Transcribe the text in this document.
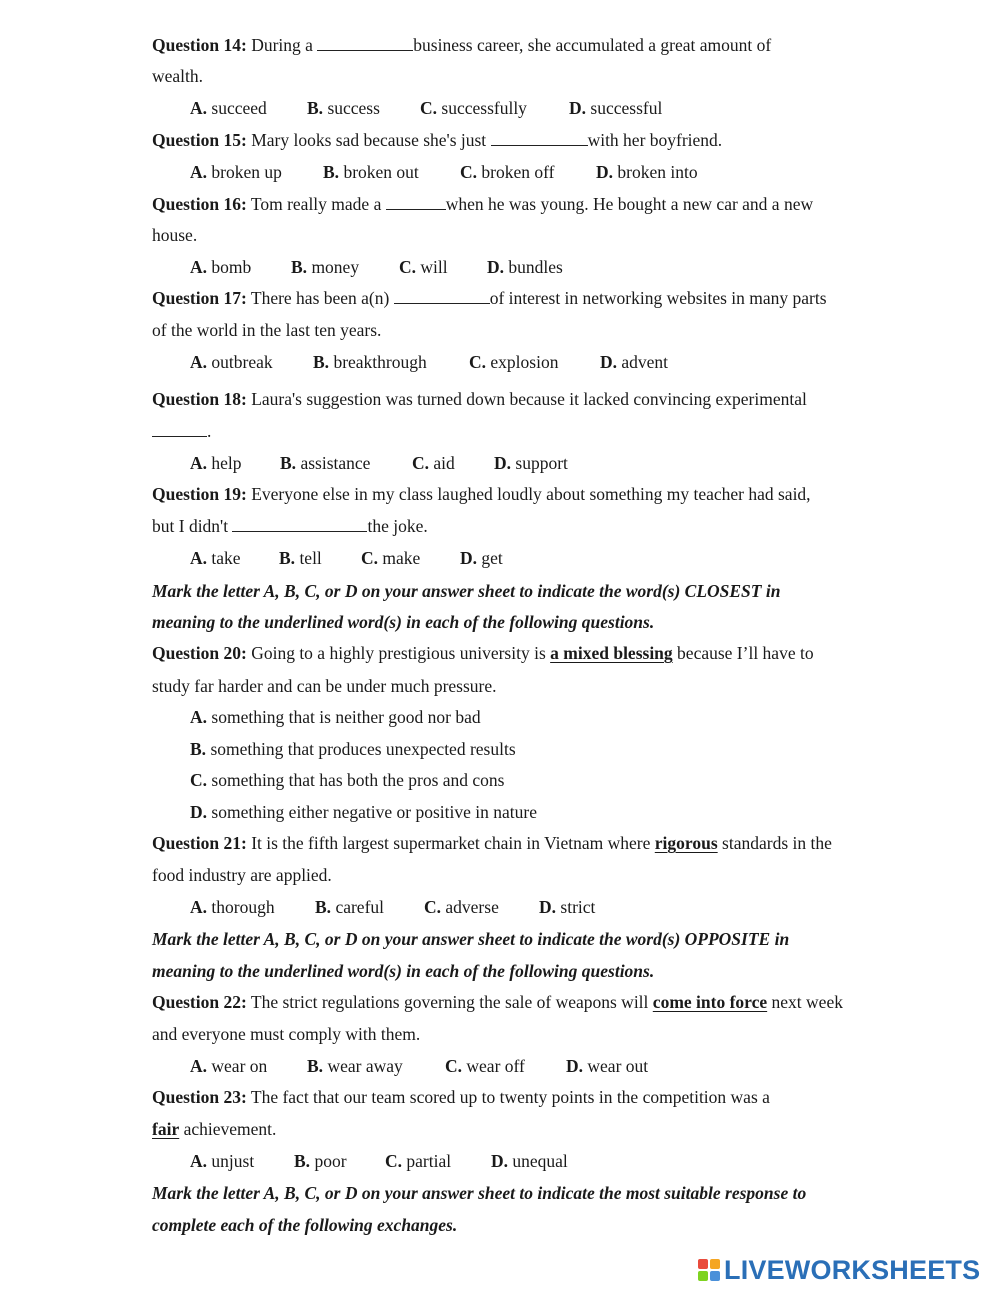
Question 14: During a	business career, she accumulated a great amount of
wealth.
A. succeed B. success C. successfully D. successful
Question 15: Mary looks sad because she's just	with her boyfriend.
A. broken up B. broken out C. broken off D. broken into
Question 16: Tom really made a	when he was young. He bought a new car and a new
house.
A. bomb B. money C. will D. bundles
Question 17: There has been a(n)	of interest in networking websites in many parts
of the world in the last ten years.
A. outbreak B. breakthrough C. explosion D. advent
Question 18: Laura's suggestion was turned down because it lacked convincing experimental
.
A. help B. assistance C. aid D. support
Question 19: Everyone else in my class laughed loudly about something my teacher had said,
but I didn't	the joke.
A. take B. tell C. make D. get
Mark the letter A, B, C, or D on your answer sheet to indicate the word(s) CLOSEST in
meaning to the underlined word(s) in each of the following questions.
Question 20: Going to a highly prestigious university is a mixed blessing because I’ll have to
study far harder and can be under much pressure.
A. something that is neither good nor bad
B. something that produces unexpected results
C. something that has both the pros and cons
D. something either negative or positive in nature
Question 21: It is the fifth largest supermarket chain in Vietnam where rigorous standards in the
food industry are applied.
A. thorough B. careful C. adverse D. strict
Mark the letter A, B, C, or D on your answer sheet to indicate the word(s) OPPOSITE in
meaning to the underlined word(s) in each of the following questions.
Question 22: The strict regulations governing the sale of weapons will come into force next week
and everyone must comply with them.
A. wear on B. wear away C. wear off D. wear out
Question 23: The fact that our team scored up to twenty points in the competition was a
fair achievement.
A. unjust B. poor C. partial D. unequal
Mark the letter A, B, C, or D on your answer sheet to indicate the most suitable response to
complete each of the following exchanges.
LIVEWORKSHEETS
